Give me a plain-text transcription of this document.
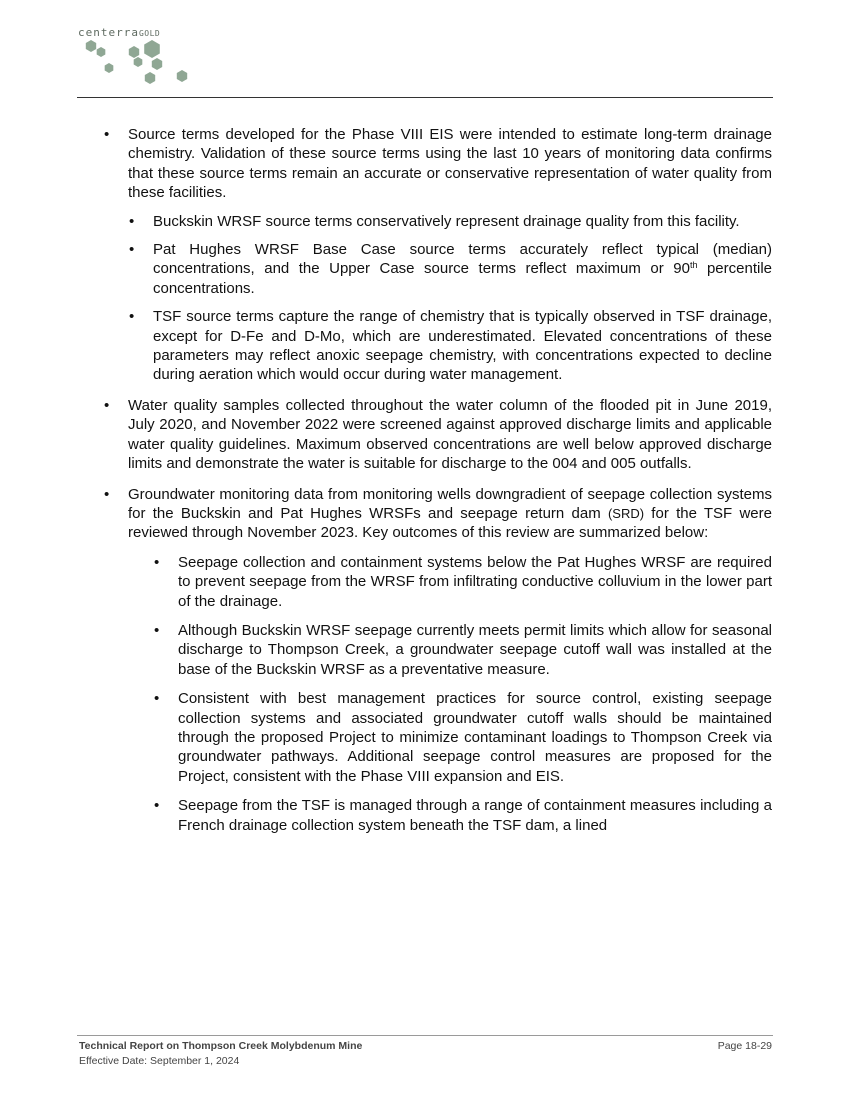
centerraGOLD
• Source terms developed for the Phase VIII EIS were intended to estimate long-term drainage chemistry. Validation of these source terms using the last 10 years of monitoring data confirms that these source terms remain an accurate or conservative representation of water quality from these facilities.
• Buckskin WRSF source terms conservatively represent drainage quality from this facility.
• Pat Hughes WRSF Base Case source terms accurately reflect typical (median) concentrations, and the Upper Case source terms reflect maximum or 90th percentile concentrations.
• TSF source terms capture the range of chemistry that is typically observed in TSF drainage, except for D-Fe and D-Mo, which are underestimated. Elevated concentrations of these parameters may reflect anoxic seepage chemistry, with concentrations expected to decline during aeration which would occur during water management.
• Water quality samples collected throughout the water column of the flooded pit in June 2019, July 2020, and November 2022 were screened against approved discharge limits and applicable water quality guidelines. Maximum observed concentrations are well below approved discharge limits and demonstrate the water is suitable for discharge to the 004 and 005 outfalls.
• Groundwater monitoring data from monitoring wells downgradient of seepage collection systems for the Buckskin and Pat Hughes WRSFs and seepage return dam (SRD) for the TSF were reviewed through November 2023. Key outcomes of this review are summarized below:
• Seepage collection and containment systems below the Pat Hughes WRSF are required to prevent seepage from the WRSF from infiltrating conductive colluvium in the lower part of the drainage.
• Although Buckskin WRSF seepage currently meets permit limits which allow for seasonal discharge to Thompson Creek, a groundwater seepage cutoff wall was installed at the base of the Buckskin WRSF as a preventative measure.
• Consistent with best management practices for source control, existing seepage collection systems and associated groundwater cutoff walls should be maintained through the proposed Project to minimize contaminant loadings to Thompson Creek via groundwater pathways. Additional seepage control measures are proposed for the Project, consistent with the Phase VIII expansion and EIS.
• Seepage from the TSF is managed through a range of containment measures including a French drainage collection system beneath the TSF dam, a lined
Technical Report on Thompson Creek Molybdenum Mine
Effective Date: September 1, 2024
Page 18-29
